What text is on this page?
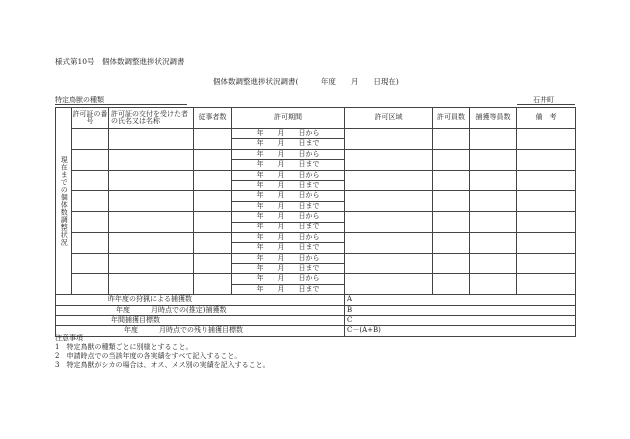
様式第10号　個体数調整進捗状況調書
個体数調整進捗状況調書(　　　年度　　月　　日現在)
特定鳥獣の種類	石井町
現在までの個体数調整状況	許可証の番号	許可証の交付を受けた者の氏名又は名称	従事者数	許可期間	許可区域	許可員数	捕獲等員数	備　考
				年　　月　　日から				
				年　　月　　日まで				
				年　　月　　日から				
				年　　月　　日まで				
				年　　月　　日から				
				年　　月　　日まで				
				年　　月　　日から				
				年　　月　　日まで				
				年　　月　　日から				
				年　　月　　日まで				
				年　　月　　日から				
				年　　月　　日まで				
				年　　月　　日から				
				年　　月　　日まで				
				年　　月　　日から				
				年　　月　　日まで				
昨年度の狩猟による捕獲数					A			
年度　　　月時点での(推定)捕獲数					B			
年間捕獲目標数					C			
年度　　　月時点での残り捕獲目標数					C－(A+B)			
注意事項
1　特定鳥獣の種類ごとに別様とすること。
2　申請時点での当該年度の各実績をすべて記入すること。
3　特定鳥獣がシカの場合は、オス、メス別の実績を記入すること。
